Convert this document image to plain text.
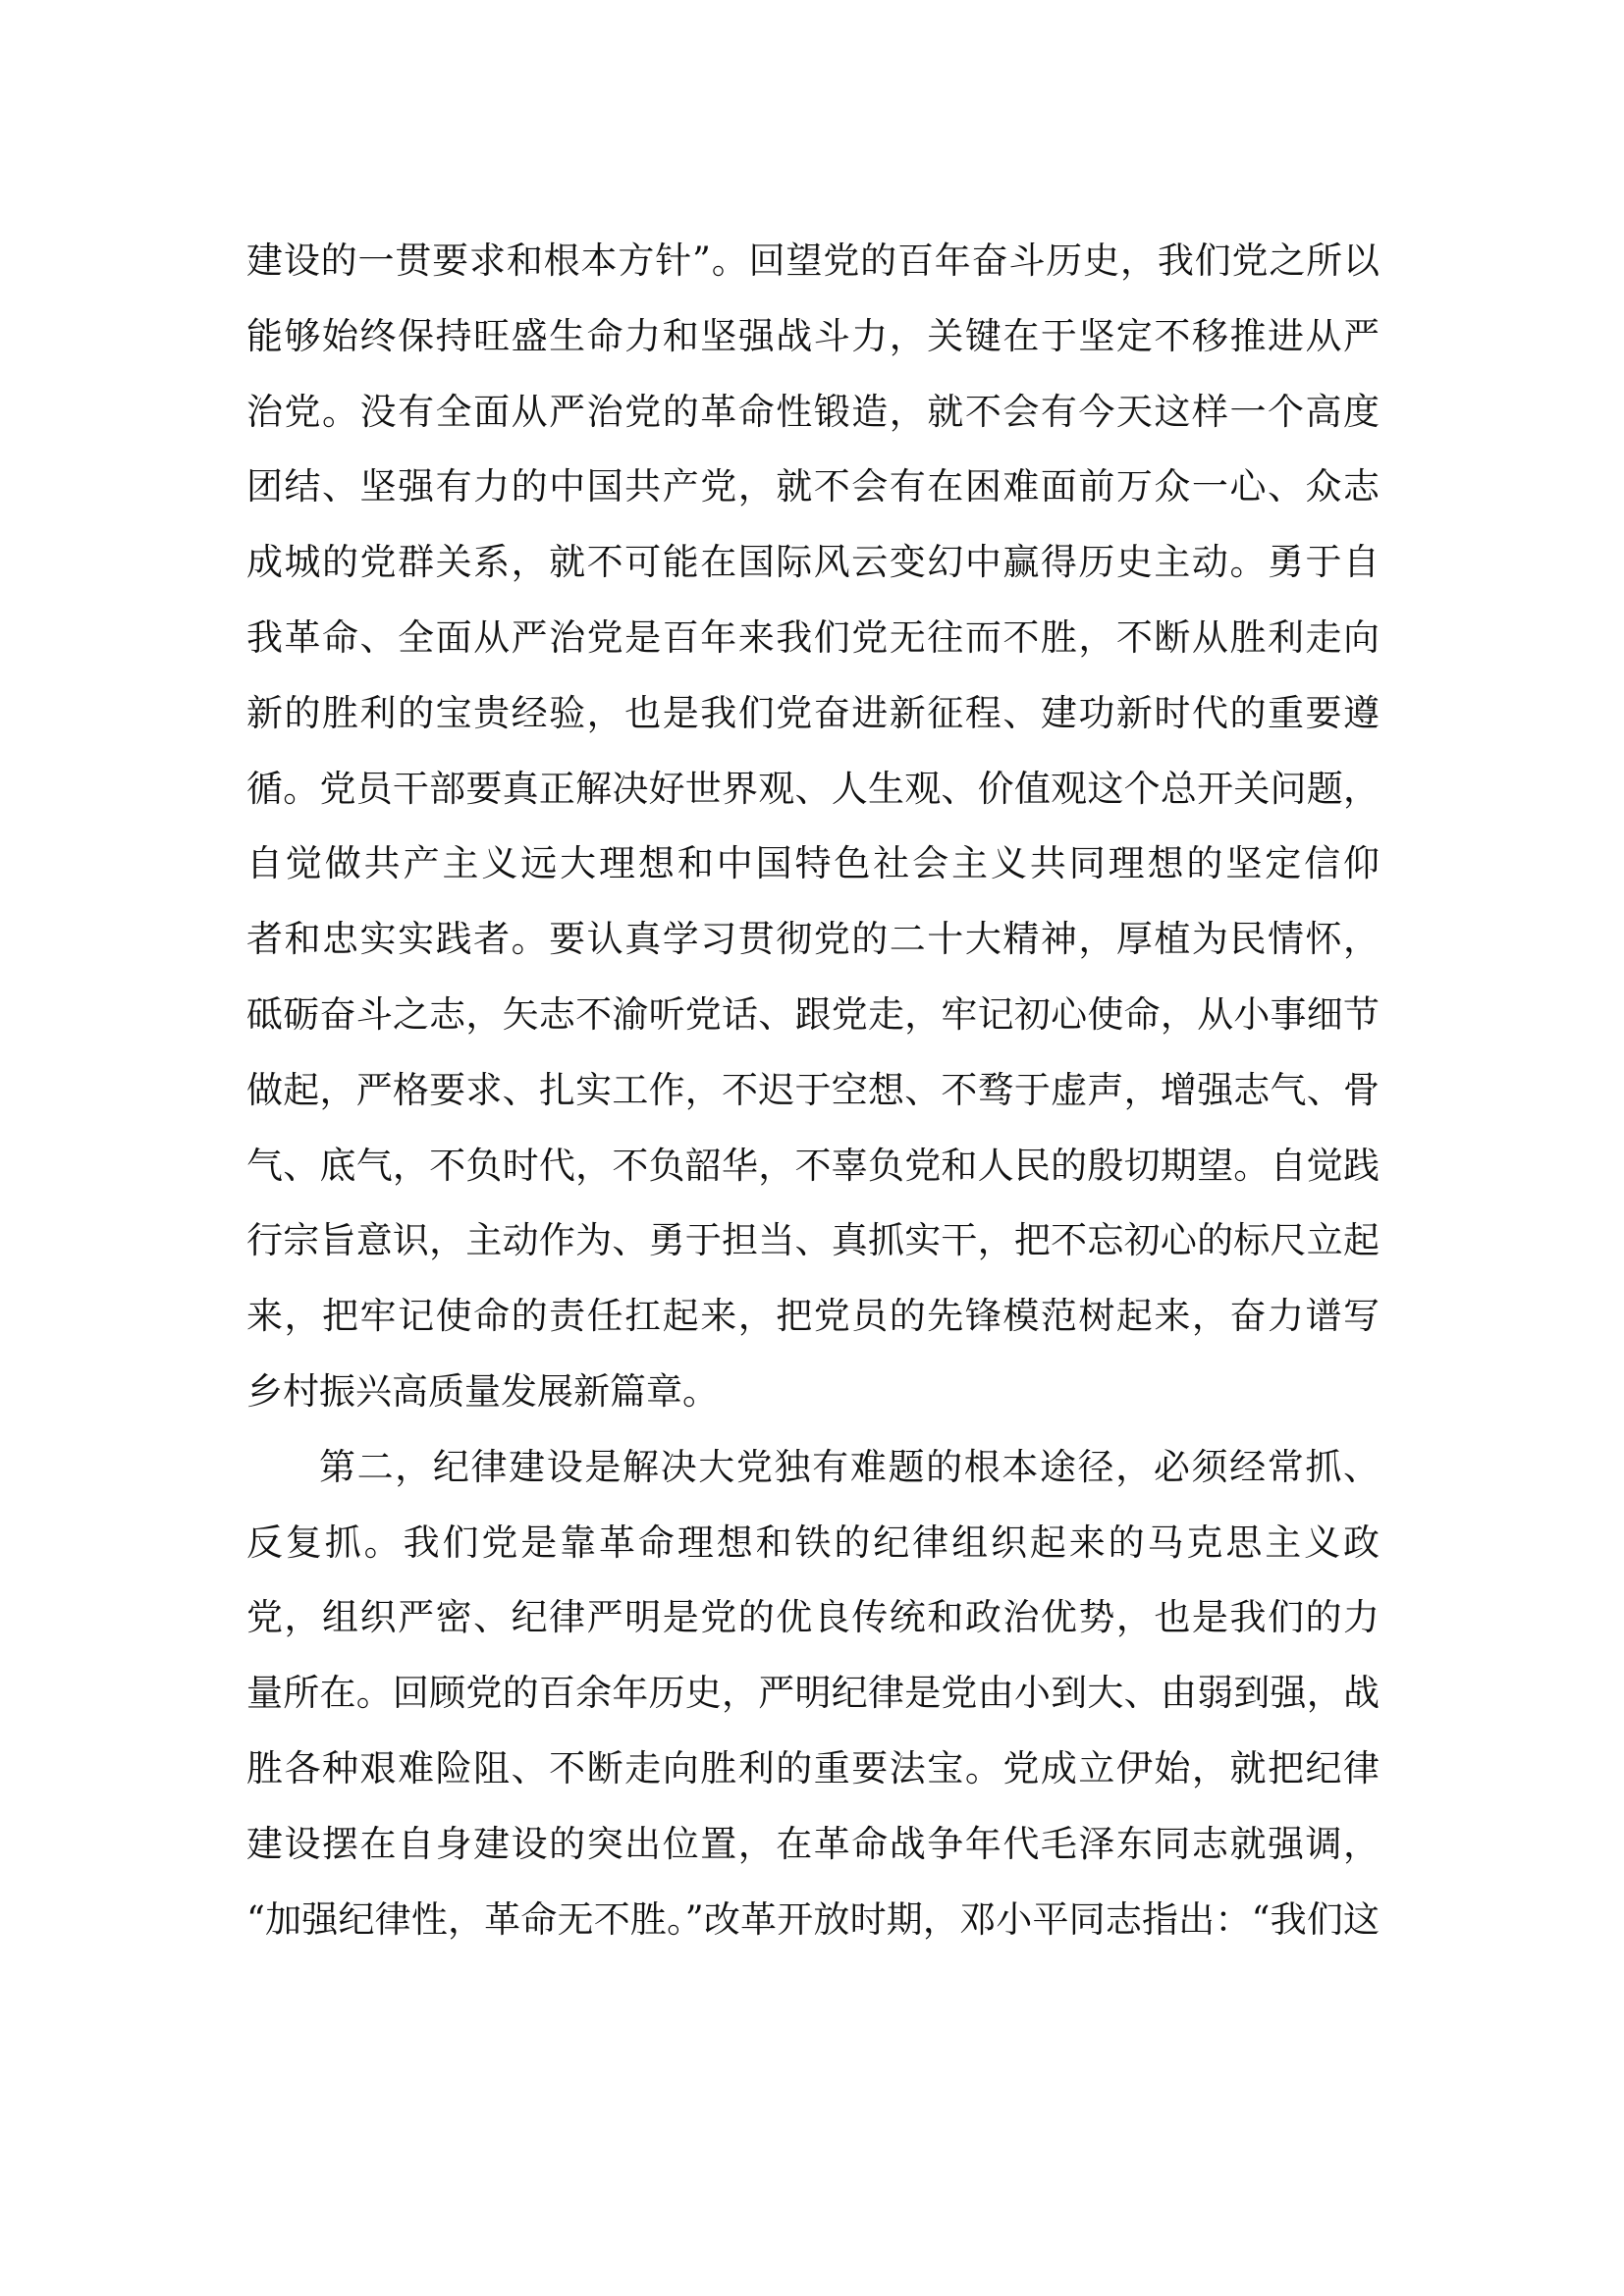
建设的一贯要求和根本方针”。回望党的百年奋斗历史，我们党之所以
能够始终保持旺盛生命力和坚强战斗力，关键在于坚定不移推进从严
治党。没有全面从严治党的革命性锻造，就不会有今天这样一个高度
团结、坚强有力的中国共产党，就不会有在困难面前万众一心、众志
成城的党群关系，就不可能在国际风云变幻中赢得历史主动。勇于自
我革命、全面从严治党是百年来我们党无往而不胜，不断从胜利走向
新的胜利的宝贵经验，也是我们党奋进新征程、建功新时代的重要遵
循。党员干部要真正解决好世界观、人生观、价值观这个总开关问题，
自觉做共产主义远大理想和中国特色社会主义共同理想的坚定信仰
者和忠实实践者。要认真学习贯彻党的二十大精神，厚植为民情怀，
砥砺奋斗之志，矢志不渝听党话、跟党走，牢记初心使命，从小事细节
做起，严格要求、扎实工作，不迟于空想、不骛于虚声，增强志气、骨
气、底气，不负时代，不负韶华，不辜负党和人民的殷切期望。自觉践
行宗旨意识，主动作为、勇于担当、真抓实干，把不忘初心的标尺立起
来，把牢记使命的责任扛起来，把党员的先锋模范树起来，奋力谱写
乡村振兴高质量发展新篇章。
第二，纪律建设是解决大党独有难题的根本途径，必须经常抓、
反复抓。我们党是靠革命理想和铁的纪律组织起来的马克思主义政
党，组织严密、纪律严明是党的优良传统和政治优势，也是我们的力
量所在。回顾党的百余年历史，严明纪律是党由小到大、由弱到强，战
胜各种艰难险阻、不断走向胜利的重要法宝。党成立伊始，就把纪律
建设摆在自身建设的突出位置，在革命战争年代毛泽东同志就强调，
“加强纪律性，革命无不胜。”改革开放时期，邓小平同志指出：“我们这
